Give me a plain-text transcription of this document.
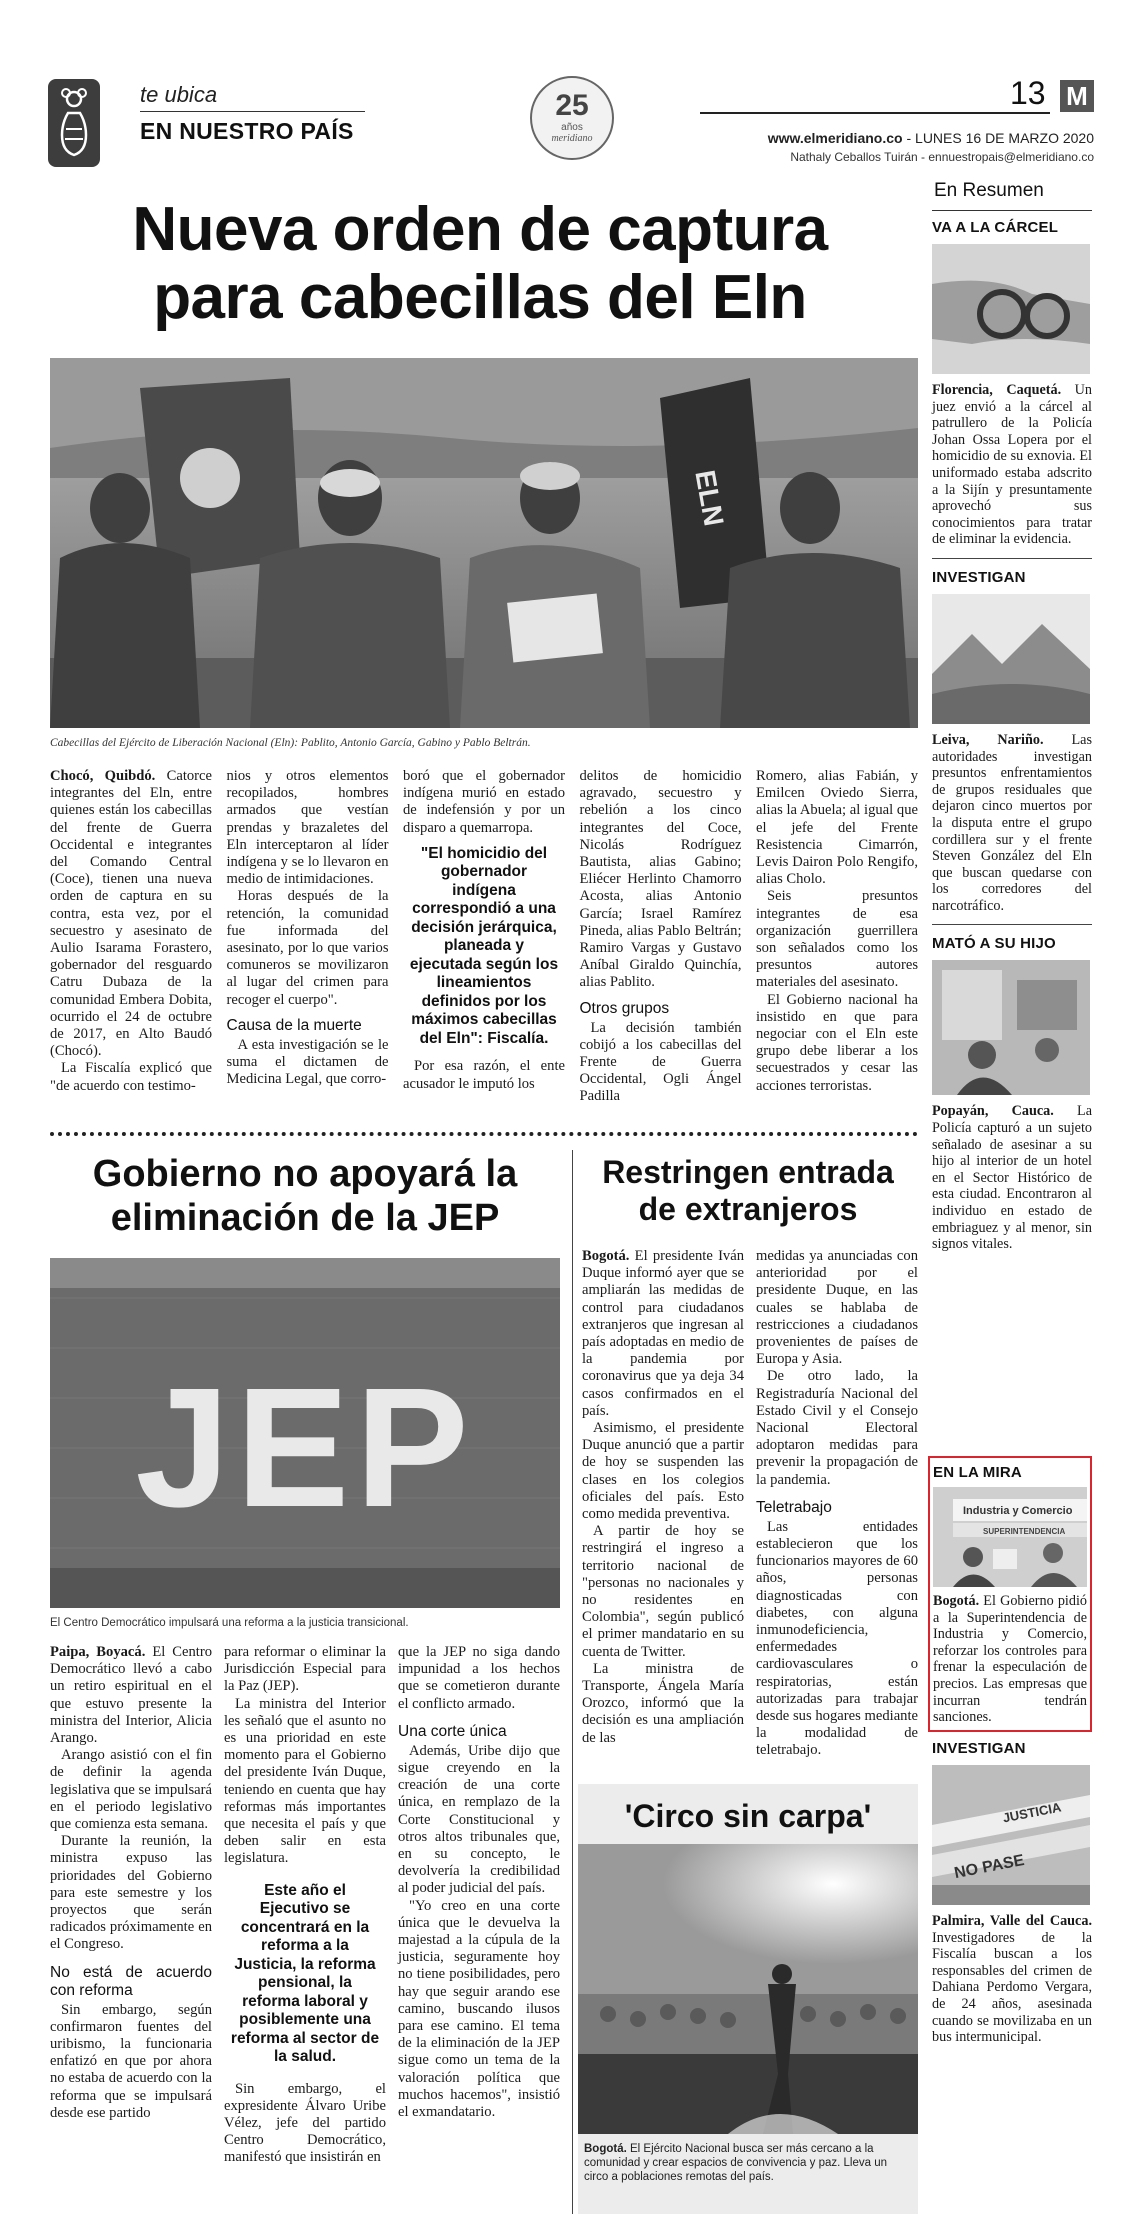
te ubica
EN NUESTRO PAÍS
25
años
meridiano
13 M
www.elmeridiano.co - LUNES 16 DE MARZO 2020
Nathaly Ceballos Tuirán - ennuestropais@elmeridiano.co
Nueva orden de captura
para cabecillas del Eln
ELN
Cabecillas del Ejército de Liberación Nacional (Eln): Pablito, Antonio García, Gabino y Pablo Beltrán.

Chocó, Quibdó. Catorce integrantes del Eln, entre quienes están los cabecillas del frente de Guerra Occidental e integrantes del Comando Central (Coce), tienen una nueva orden de captura en su contra, esta vez, por el secuestro y asesinato de Aulio Isarama Forastero, gobernador del resguardo Catru Dubaza de la comunidad Embera Dobita, ocurrido el 24 de octubre de 2017, en Alto Baudó (Chocó).

La Fiscalía explicó que "de acuerdo con testimo-

nios y otros elementos recopilados, hombres armados que vestían prendas y brazaletes del Eln interceptaron al líder indígena y se lo llevaron en medio de intimidaciones.

Horas después de la retención, la comunidad fue informada del asesinato, por lo que varios comuneros se movilizaron al lugar del crimen para recoger el cuerpo".

Causa de la muerte

A esta investigación se le suma el dictamen de Medicina Legal, que corro-

boró que el gobernador indígena murió en estado de indefensión y por un disparo a quemarropa.

"El homicidio del gobernador indígena correspondió a una decisión jerárquica, planeada y ejecutada según los lineamientos definidos por los máximos cabecillas del Eln": Fiscalía.

Por esa razón, el ente acusador le imputó los

delitos de homicidio agravado, secuestro y rebelión a los cinco integrantes del Coce, Nicolás Rodríguez Bautista, alias Gabino; Eliécer Herlinto Chamorro Acosta, alias Antonio García; Israel Ramírez Pineda, alias Pablo Beltrán; Ramiro Vargas y Gustavo Aníbal Giraldo Quinchía, alias Pablito.

Otros grupos

La decisión también cobijó a los cabecillas del Frente de Guerra Occidental, Ogli Ángel Padilla

Romero, alias Fabián, y Emilcen Oviedo Sierra, alias la Abuela; al igual que el jefe del Frente Resistencia Cimarrón, Levis Dairon Polo Rengifo, alias Cholo.

Seis presuntos integrantes de esa organización guerrillera son señalados como los presuntos autores materiales del asesinato.

El Gobierno nacional ha insistido en que para negociar con el Eln este grupo debe liberar a los secuestrados y cesar las acciones terroristas.

Gobierno no apoyará la
eliminación de la JEP
JEP
El Centro Democrático impulsará una reforma a la justicia transicional.

Paipa, Boyacá. El Centro Democrático llevó a cabo un retiro espiritual en el que estuvo presente la ministra del Interior, Alicia Arango.

Arango asistió con el fin de definir la agenda legislativa que se impulsará en el periodo legislativo que comienza esta semana.

Durante la reunión, la ministra expuso las prioridades del Gobierno para este semestre y los proyectos que serán radicados próximamente en el Congreso.

No está de acuerdo con reforma

Sin embargo, según confirmaron fuentes del uribismo, la funcionaria enfatizó en que por ahora no estaba de acuerdo con la reforma que se impulsará desde ese partido

para reformar o eliminar la Jurisdicción Especial para la Paz (JEP).

La ministra del Interior les señaló que el asunto no es una prioridad en este momento para el Gobierno del presidente Iván Duque, teniendo en cuenta que hay reformas más importantes que necesita el país y que deben salir en esta legislatura.

Este año el Ejecutivo se concentrará en la reforma a la Justicia, la reforma pensional, la reforma laboral y posiblemente una reforma al sector de la salud.

Sin embargo, el expresidente Álvaro Uribe Vélez, jefe del partido Centro Democrático, manifestó que insistirán en

que la JEP no siga dando impunidad a los hechos que se cometieron durante el conflicto armado.

Una corte única

Además, Uribe dijo que sigue creyendo en la creación de una corte única, en remplazo de la Corte Constitucional y otros altos tribunales que, en su concepto, le devolvería la credibilidad al poder judicial del país.

"Yo creo en una corte única que le devuelva la majestad a la cúpula de la justicia, seguramente hoy no tiene posibilidades, pero hay que seguir arando ese camino, buscando ilusos para ese camino. El tema de la eliminación de la JEP sigue como un tema de la valoración política que muchos hacemos", insistió el exmandatario.

Restringen entrada
de extranjeros

Bogotá. El presidente Iván Duque informó ayer que se ampliarán las medidas de control para ciudadanos extranjeros que ingresan al país adoptadas en medio de la pandemia por coronavirus que ya deja 34 casos confirmados en el país.

Asimismo, el presidente Duque anunció que a partir de hoy se suspenden las clases en los colegios oficiales del país. Esto como medida preventiva.

A partir de hoy se restringirá el ingreso a territorio nacional de "personas no nacionales y no residentes en Colombia", según publicó el primer mandatario en su cuenta de Twitter.

La ministra de Transporte, Ángela María Orozco, informó que la decisión es una ampliación de las

medidas ya anunciadas con anterioridad por el presidente Duque, en las cuales se hablaba de restricciones a ciudadanos provenientes de países de Europa y Asia.

De otro lado, la Registraduría Nacional del Estado Civil y el Consejo Nacional Electoral adoptaron medidas para prevenir la propagación de la pandemia.

Teletrabajo

Las entidades establecieron que los funcionarios mayores de 60 años, personas diagnosticadas con diabetes, con alguna inmunodeficiencia, enfermedades cardiovasculares o respiratorias, están autorizadas para trabajar desde sus hogares mediante la modalidad de teletrabajo.

'Circo sin carpa'
Bogotá. El Ejército Nacional busca ser más cercano a la comunidad y crear espacios de convivencia y paz. Lleva un circo a poblaciones remotas del país.
En Resumen
VA A LA CÁRCEL
Florencia, Caquetá. Un juez envió a la cárcel al patrullero de la Policía Johan Ossa Lopera por el homicidio de su exnovia. El uniformado estaba adscrito a la Sijín y presuntamente aprovechó sus conocimientos para tratar de eliminar la evidencia.
INVESTIGAN
Leiva, Nariño. Las autoridades investigan presuntos enfrentamientos de grupos residuales que dejaron cinco muertos por la disputa entre el grupo cordillera sur y el frente Steven González del Eln que buscan quedarse con los corredores del narcotráfico.
MATÓ A SU HIJO
Popayán, Cauca. La Policía capturó a un sujeto señalado de asesinar a su hijo al interior de un hotel en el Sector Histórico de esta ciudad. Encontraron al individuo en estado de embriaguez y al menor, sin signos vitales.
EN LA MIRA
Industria y Comercio
SUPERINTENDENCIA
Bogotá. El Gobierno pidió a la Superintendencia de Industria y Comercio, reforzar los controles para frenar la especulación de precios. Las empresas que incurran tendrán sanciones.
INVESTIGAN
JUSTICIA
NO PASE
Palmira, Valle del Cauca. Investigadores de la Fiscalía buscan a los responsables del crimen de Dahiana Perdomo Vergara, de 24 años, asesinada cuando se movilizaba en un bus intermunicipal.
